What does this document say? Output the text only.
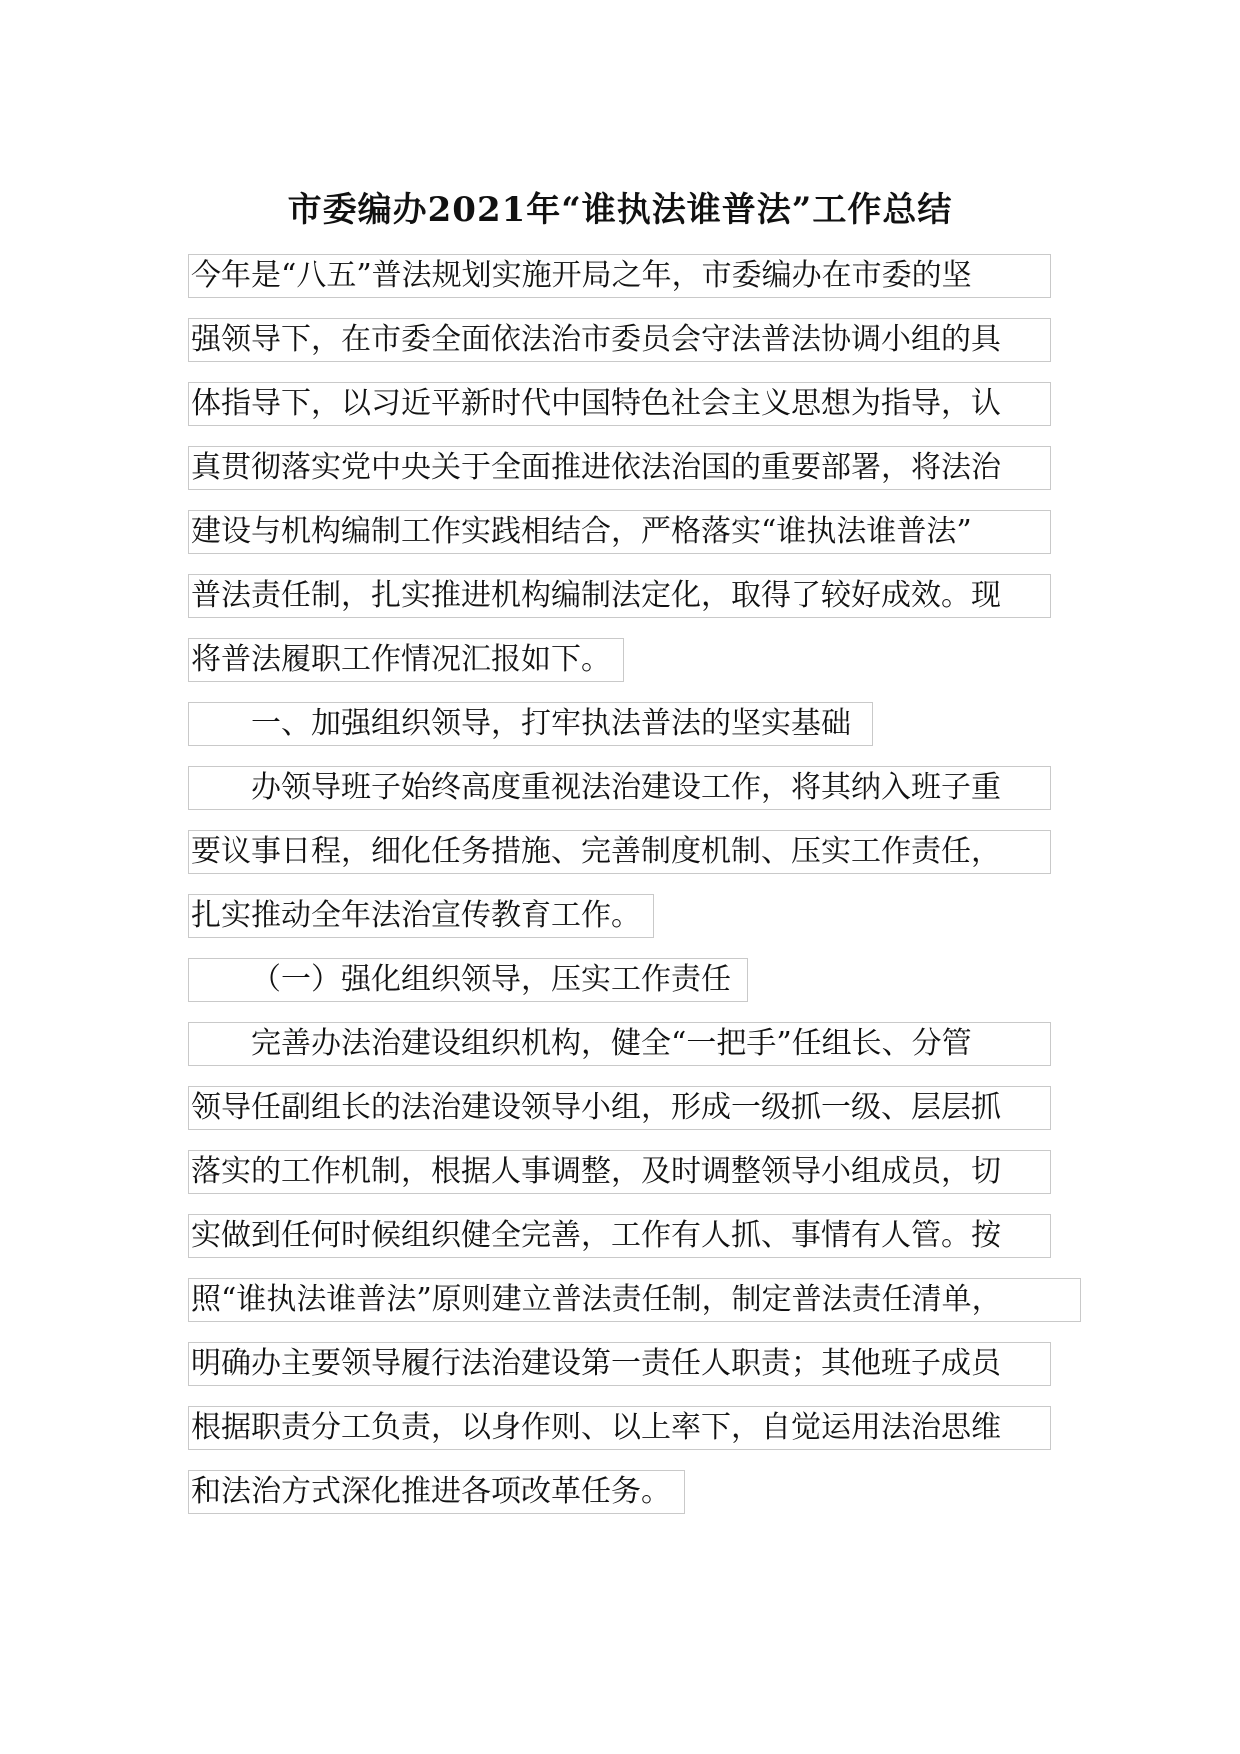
市委编办2021年“谁执法谁普法”工作总结
今年是“八五”普法规划实施开局之年，市委编办在市委的坚
强领导下，在市委全面依法治市委员会守法普法协调小组的具
体指导下，以习近平新时代中国特色社会主义思想为指导，认
真贯彻落实党中央关于全面推进依法治国的重要部署，将法治
建设与机构编制工作实践相结合，严格落实“谁执法谁普法”
普法责任制，扎实推进机构编制法定化，取得了较好成效。现
将普法履职工作情况汇报如下。
一、加强组织领导，打牢执法普法的坚实基础
办领导班子始终高度重视法治建设工作，将其纳入班子重
要议事日程，细化任务措施、完善制度机制、压实工作责任，
扎实推动全年法治宣传教育工作。
（一）强化组织领导，压实工作责任
完善办法治建设组织机构，健全“一把手”任组长、分管
领导任副组长的法治建设领导小组，形成一级抓一级、层层抓
落实的工作机制，根据人事调整，及时调整领导小组成员，切
实做到任何时候组织健全完善，工作有人抓、事情有人管。按
照“谁执法谁普法”原则建立普法责任制，制定普法责任清单，
明确办主要领导履行法治建设第一责任人职责；其他班子成员
根据职责分工负责，以身作则、以上率下，自觉运用法治思维
和法治方式深化推进各项改革任务。
